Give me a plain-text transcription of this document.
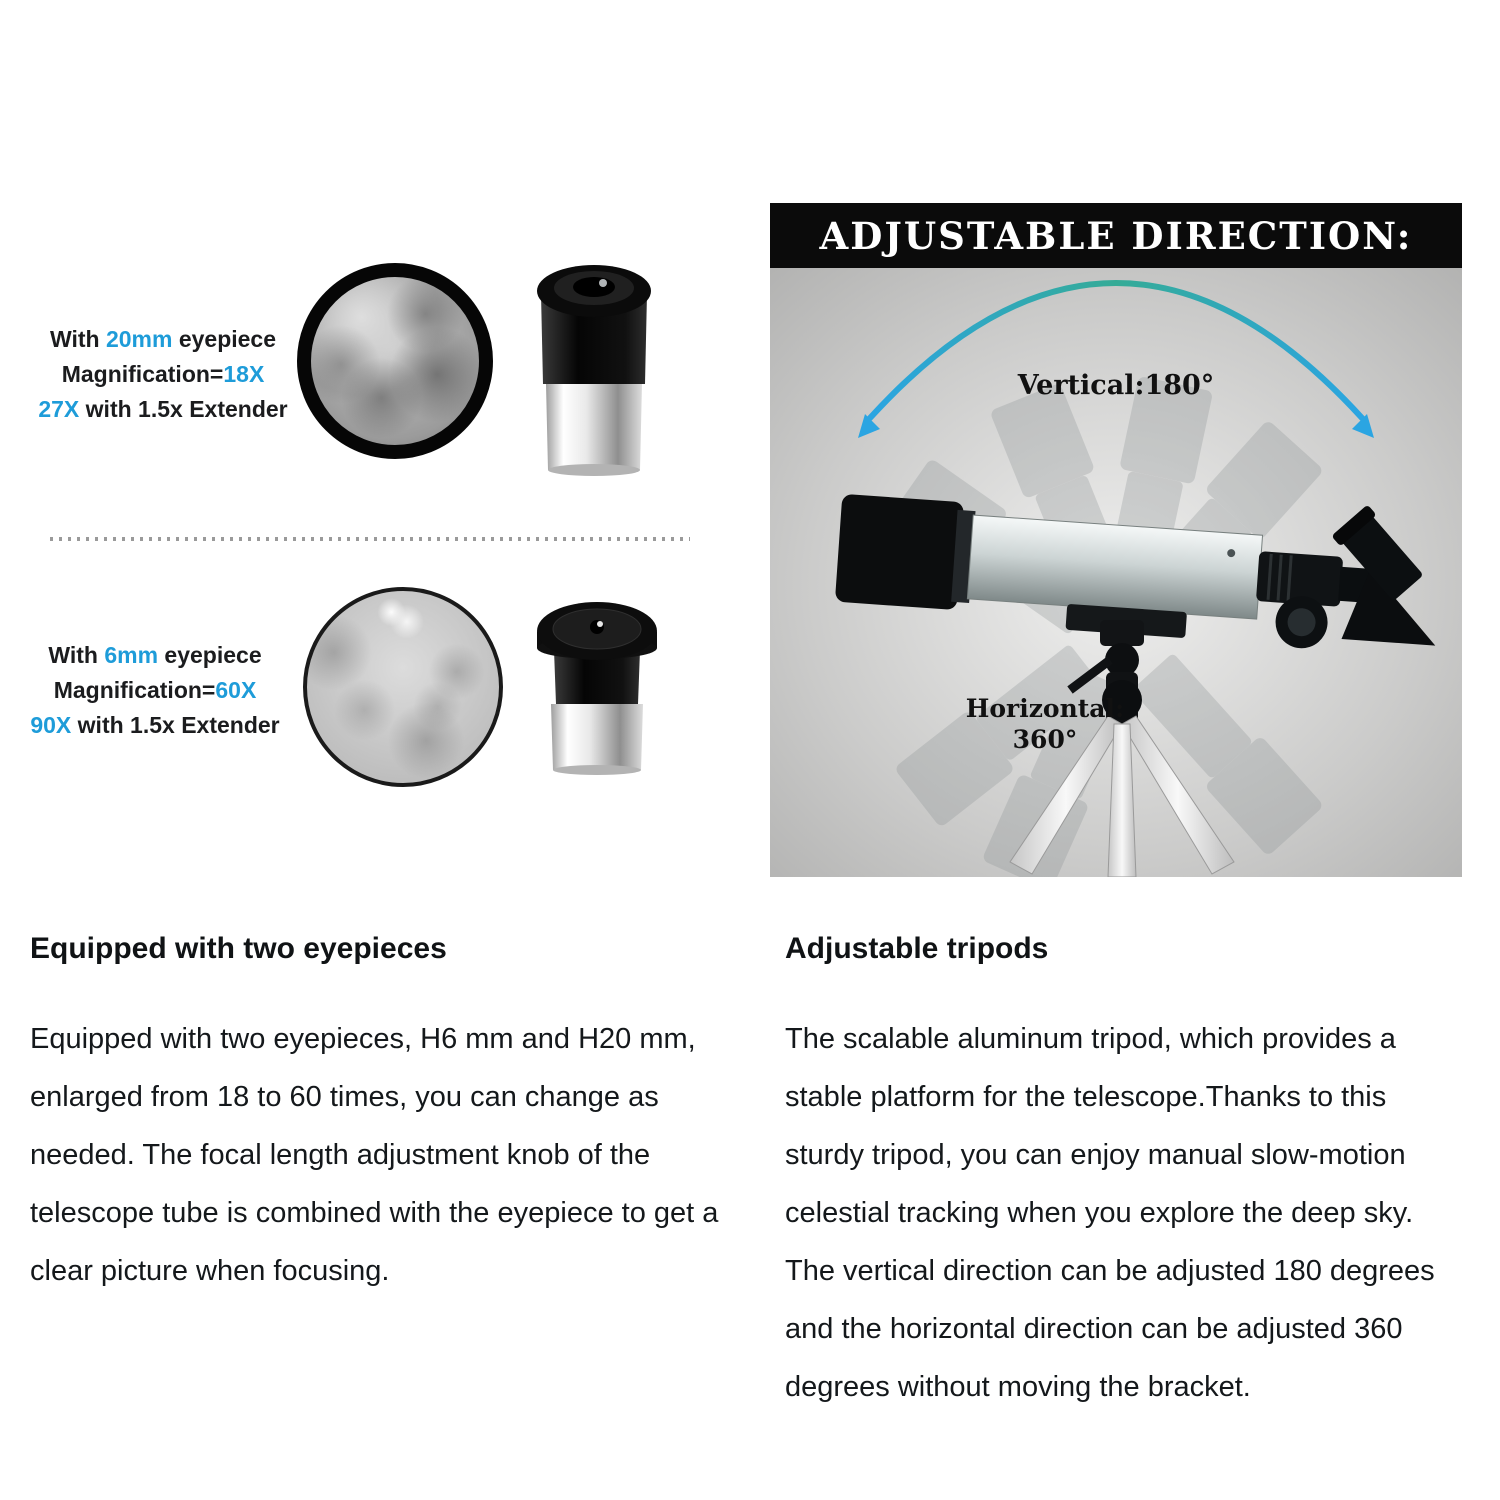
With 20mm eyepiece
Magnification=18X
27X with 1.5x Extender
With 6mm eyepiece
Magnification=60X
90X with 1.5x Extender
ADJUSTABLE DIRECTION:
Vertical:180°
Horizontal:
360°
Equipped with two eyepieces

Equipped with two eyepieces, H6 mm and H20 mm, enlarged from 18 to 60 times, you can change as needed. The focal length adjustment knob of the telescope tube is combined with the eyepiece to get a clear picture when focusing.

Adjustable tripods

The scalable aluminum tripod, which provides a stable platform for the telescope.Thanks to this sturdy tripod, you can enjoy manual slow-motion celestial tracking when you explore the deep sky. The vertical direction can be adjusted 180 degrees and the horizontal direction can be adjusted 360 degrees without moving the bracket.
